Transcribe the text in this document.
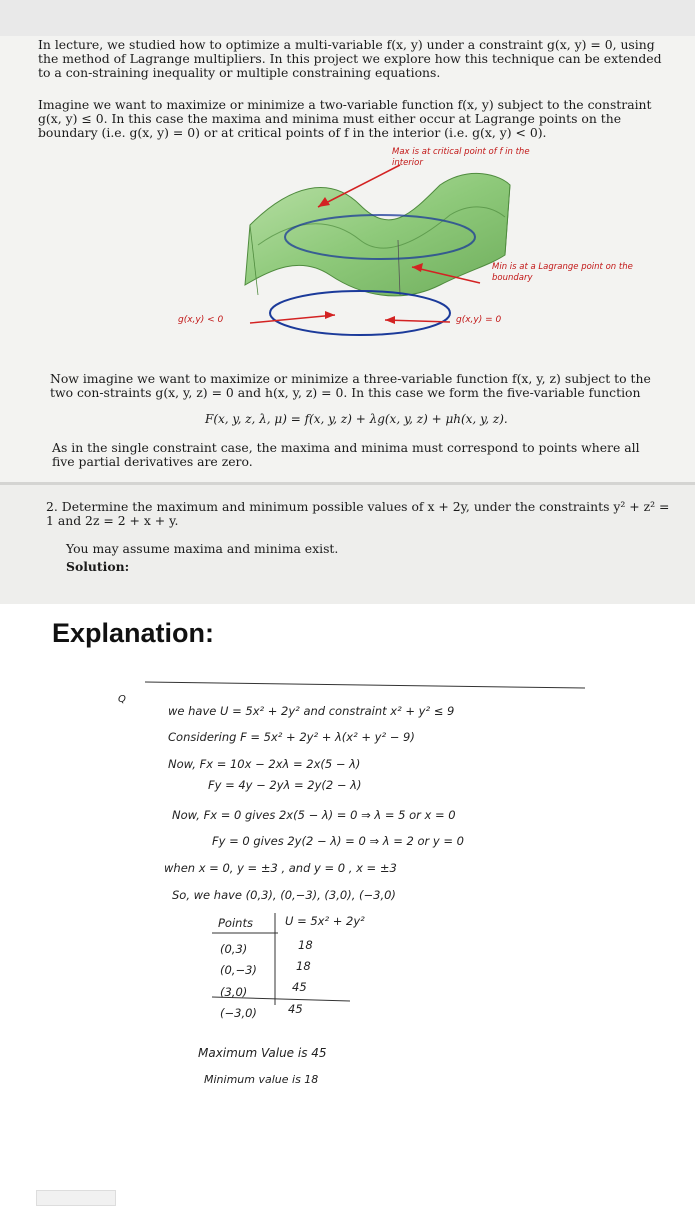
In lecture, we studied how to optimize a multi-variable f(x, y) under a constraint g(x, y) = 0, using the method of Lagrange multipliers. In this project we explore how this technique can be extended to a con-straining inequality or multiple constraining equations.

Imagine we want to maximize or minimize a two-variable function f(x, y) subject to the constraint g(x, y) ≤ 0. In this case the maxima and minima must either occur at Lagrange points on the boundary (i.e. g(x, y) = 0) or at critical points of f in the interior (i.e. g(x, y) < 0).

Max is at critical point of f in the interior
Min is at a Lagrange point on the boundary
g(x,y) < 0	g(x,y) = 0

Now imagine we want to maximize or minimize a three-variable function f(x, y, z) subject to the two con-straints g(x, y, z) = 0 and h(x, y, z) = 0. In this case we form the five-variable function

F(x, y, z, λ, μ) = f(x, y, z) + λg(x, y, z) + μh(x, y, z).

As in the single constraint case, the maxima and minima must correspond to points where all five partial derivatives are zero.

2. Determine the maximum and minimum possible values of x + 2y, under the constraints y² + z² = 1 and 2z = 2 + x + y.

You may assume maxima and minima exist.

Solution:

Explanation:
Q
we have U = 5x² + 2y² and constraint x² + y² ≤ 9
Considering F = 5x² + 2y² + λ(x² + y² − 9)
Now, Fx = 10x − 2xλ = 2x(5 − λ)
Fy = 4y − 2yλ = 2y(2 − λ)
Now, Fx = 0 gives 2x(5 − λ) = 0 ⇒ λ = 5 or x = 0
Fy = 0 gives 2y(2 − λ) = 0 ⇒ λ = 2 or y = 0
when x = 0, y = ±3 , and y = 0 , x = ±3
So, we have (0,3), (0,−3), (3,0), (−3,0)
Points	U = 5x² + 2y²
(0,3)	18
(0,−3)	18
(3,0)	45
(−3,0)	45
Maximum Value is 45
Minimum value is 18
